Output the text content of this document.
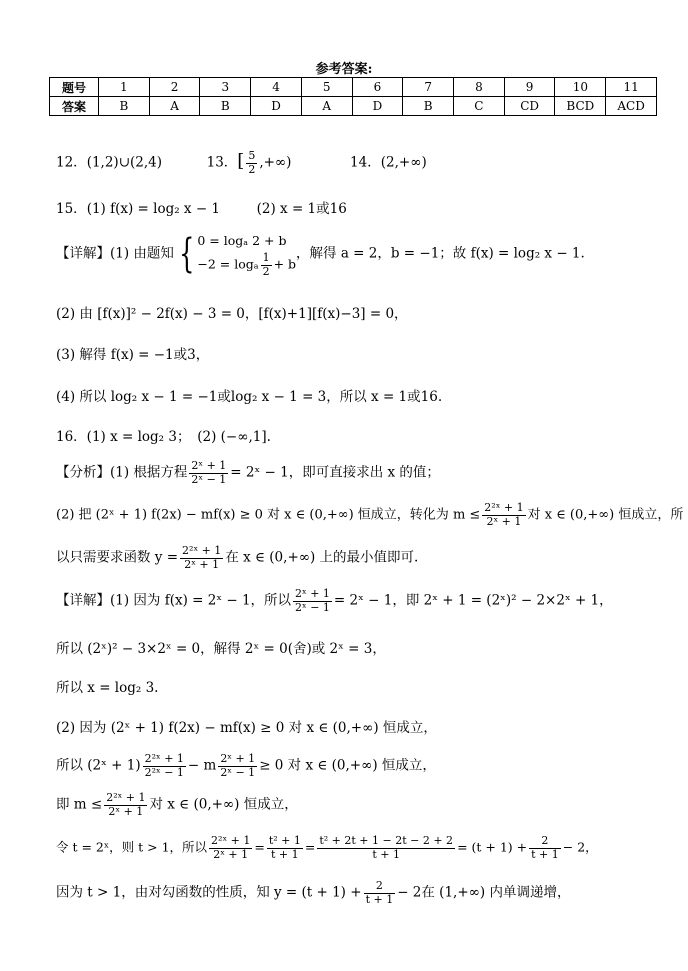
参考答案:
题号	1	2	3	4	5	6	7	8	9	10	11
答案	B	A	B	D	A	D	B	C	CD	BCD	ACD
12．(1,2)∪(2,4)	13．[ $\frac{5}{2}$ ,+∞)	14．(2,+∞)
15．(1) f(x) = log₂ x − 1	(2) x = 1或16
【详解】(1) 由题知 { 0 = logₐ 2 + b
−2 = logₐ $\frac{1}{2} + b$
，解得 a = 2，b = −1；故 f(x) = log₂ x − 1.
(2) 由 [f(x)]² − 2f(x) − 3 = 0，[f(x)+1][f(x)−3] = 0，
(3) 解得 f(x) = −1或3，
(4) 所以 log₂ x − 1 = −1或log₂ x − 1 = 3，所以 x = 1或16.
16．(1) x = log₂ 3；　(2) (−∞,1].
【分析】(1) 根据方程 $\frac{\text{2ˣ + 1}}{\text{2ˣ − 1}}$ = 2ˣ − 1，即可直接求出 x 的值；
(2) 把 (2ˣ + 1) f(2x) − mf(x) ≥ 0 对 x ∈ (0,+∞) 恒成立，转化为 $m \le \frac{\text{2²ˣ + 1}}{\text{2ˣ + 1}}$ 对 x ∈ (0,+∞) 恒成立，所
以只需要求函数 $y = \frac{\text{2²ˣ + 1}}{\text{2ˣ + 1}}$ 在 x ∈ (0,+∞) 上的最小值即可.
【详解】(1) 因为 f(x) = 2ˣ − 1，所以 $\frac{\text{2ˣ + 1}}{\text{2ˣ − 1}}$ = 2ˣ − 1，即 2ˣ + 1 = (2ˣ)² − 2×2ˣ + 1，
所以 (2ˣ)² − 3×2ˣ = 0，解得 2ˣ = 0(舍)或 2ˣ = 3，
所以 x = log₂ 3.
(2) 因为 (2ˣ + 1) f(2x) − mf(x) ≥ 0 对 x ∈ (0,+∞) 恒成立，
所以 (2ˣ + $1) \frac{\text{2²ˣ + 1}}{\text{2²ˣ − 1}} - m \frac{\text{2ˣ + 1}}{\text{2ˣ − 1}} \ge 0$ 对 x ∈ (0,+∞) 恒成立，
即 $m \le \frac{\text{2²ˣ + 1}}{\text{2ˣ + 1}}$ 对 x ∈ (0,+∞) 恒成立，
令 t = 2ˣ，则 t > 1，所以 $\frac{\text{2²ˣ + 1}}{\text{2ˣ + 1}} = \frac{\text{t² + 1}}{t + 1} = \frac{\text{t² + 2t + 1 − 2t − 2 + 2}}{t + 1} = (t + 1) + \frac{2}{t + 1} - 2$，
因为 t > 1，由对勾函数的性质，知 $y = (t + 1) + \frac{2}{t + 1} - 2$在 (1,+∞) 内单调递增，
